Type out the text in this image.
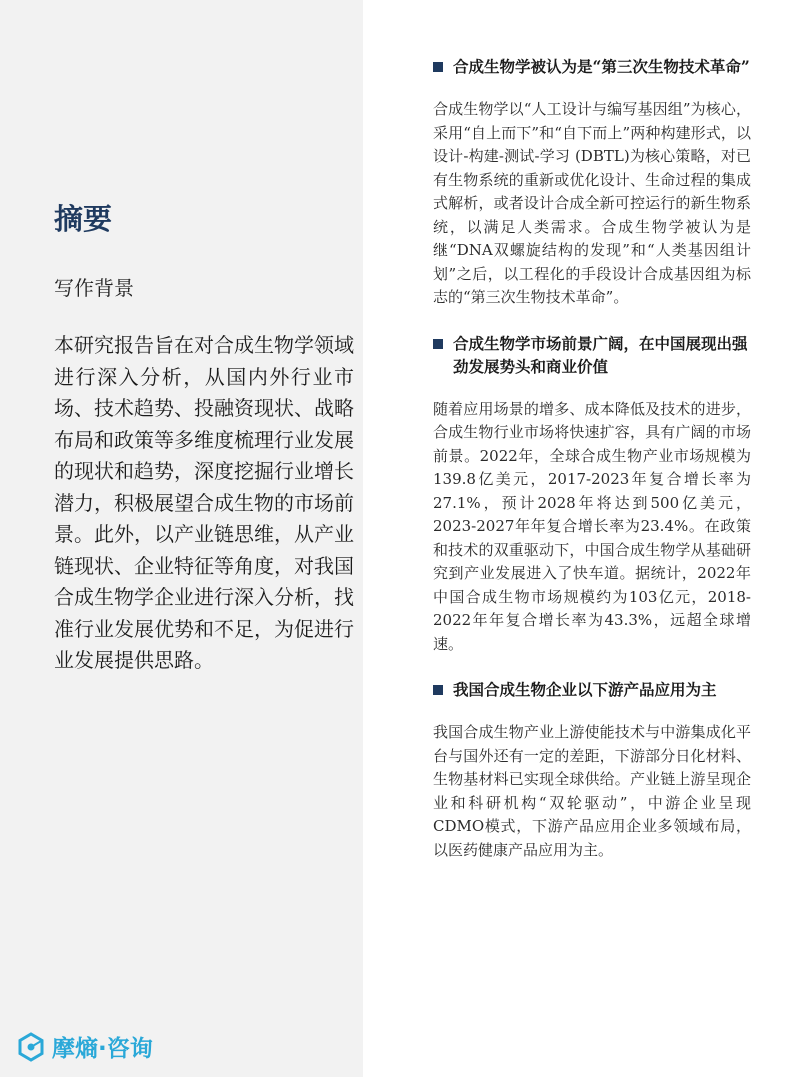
摘要
写作背景
本研究报告旨在对合成生物学领域进行深入分析，从国内外行业市场、技术趋势、投融资现状、战略布局和政策等多维度梳理行业发展的现状和趋势，深度挖掘行业增长潜力，积极展望合成生物的市场前景。此外，以产业链思维，从产业链现状、企业特征等角度，对我国合成生物学企业进行深入分析，找准行业发展优势和不足，为促进行业发展提供思路。
合成生物学被认为是“第三次生物技术革命”
合成生物学以“人工设计与编写基因组”为核心，采用“自上而下”和“自下而上”两种构建形式，以设计-构建-测试-学习 (DBTL)为核心策略，对已有生物系统的重新或优化设计、生命过程的集成式解析，或者设计合成全新可控运行的新生物系统，以满足人类需求。合成生物学被认为是继“DNA双螺旋结构的发现”和“人类基因组计划”之后，以工程化的手段设计合成基因组为标志的“第三次生物技术革命”。
合成生物学市场前景广阔，在中国展现出强劲发展势头和商业价值
随着应用场景的增多、成本降低及技术的进步，合成生物行业市场将快速扩容，具有广阔的市场前景。2022年，全球合成生物产业市场规模为139.8亿美元，2017-2023年复合增长率为27.1%，预计2028年将达到500亿美元，2023-2027年年复合增长率为23.4%。在政策和技术的双重驱动下，中国合成生物学从基础研究到产业发展进入了快车道。据统计，2022年中国合成生物市场规模约为103亿元，2018-2022年年复合增长率为43.3%，远超全球增速。
我国合成生物企业以下游产品应用为主
我国合成生物产业上游使能技术与中游集成化平台与国外还有一定的差距，下游部分日化材料、生物基材料已实现全球供给。产业链上游呈现企业和科研机构“双轮驱动”，中游企业呈现CDMO模式，下游产品应用企业多领域布局，以医药健康产品应用为主。
摩熵·咨询
